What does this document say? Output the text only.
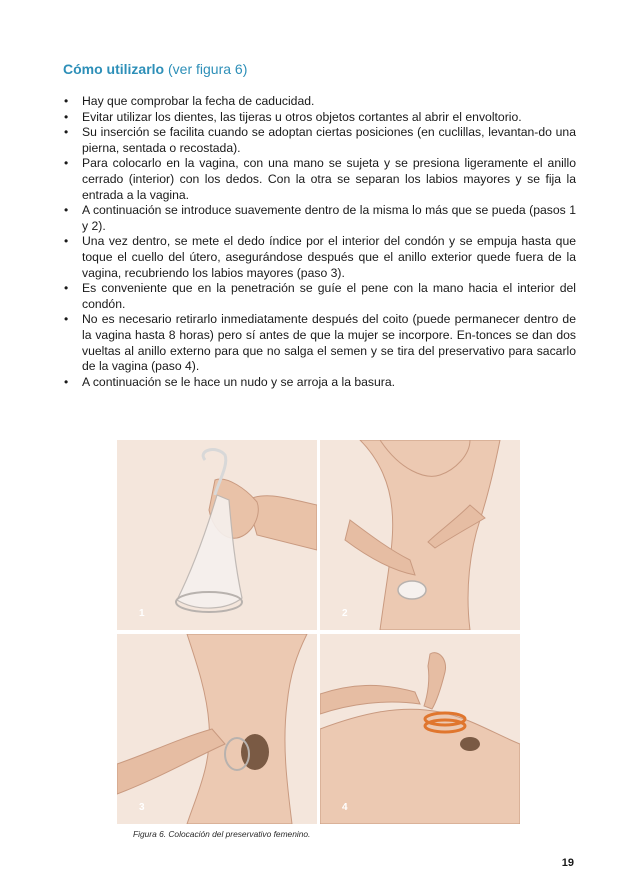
Cómo utilizarlo (ver figura 6)
• Hay que comprobar la fecha de caducidad.
• Evitar utilizar los dientes, las tijeras u otros objetos cortantes al abrir el envoltorio.
• Su inserción se facilita cuando se adoptan ciertas posiciones (en cuclillas, levantan-do una pierna, sentada o recostada).
• Para colocarlo en la vagina, con una mano se sujeta y se presiona ligeramente el anillo cerrado (interior) con los dedos. Con la otra se separan los labios mayores y se fija la entrada a la vagina.
• A continuación se introduce suavemente dentro de la misma lo más que se pueda (pasos 1 y 2).
• Una vez dentro, se mete el dedo índice por el interior del condón y se empuja hasta que toque el cuello del útero, asegurándose después que el anillo exterior quede fuera de la vagina, recubriendo los labios mayores (paso 3).
• Es conveniente que en la penetración se guíe el pene con la mano hacia el interior del condón.
• No es necesario retirarlo inmediatamente después del coito (puede permanecer dentro de la vagina hasta 8 horas) pero sí antes de que la mujer se incorpore. En-tonces se dan dos vueltas al anillo externo para que no salga el semen y se tira del preservativo para sacarlo de la vagina (paso 4).
• A continuación se le hace un nudo y se arroja a la basura.
1	2
3	4
Figura 6. Colocación del preservativo femenino.
19
